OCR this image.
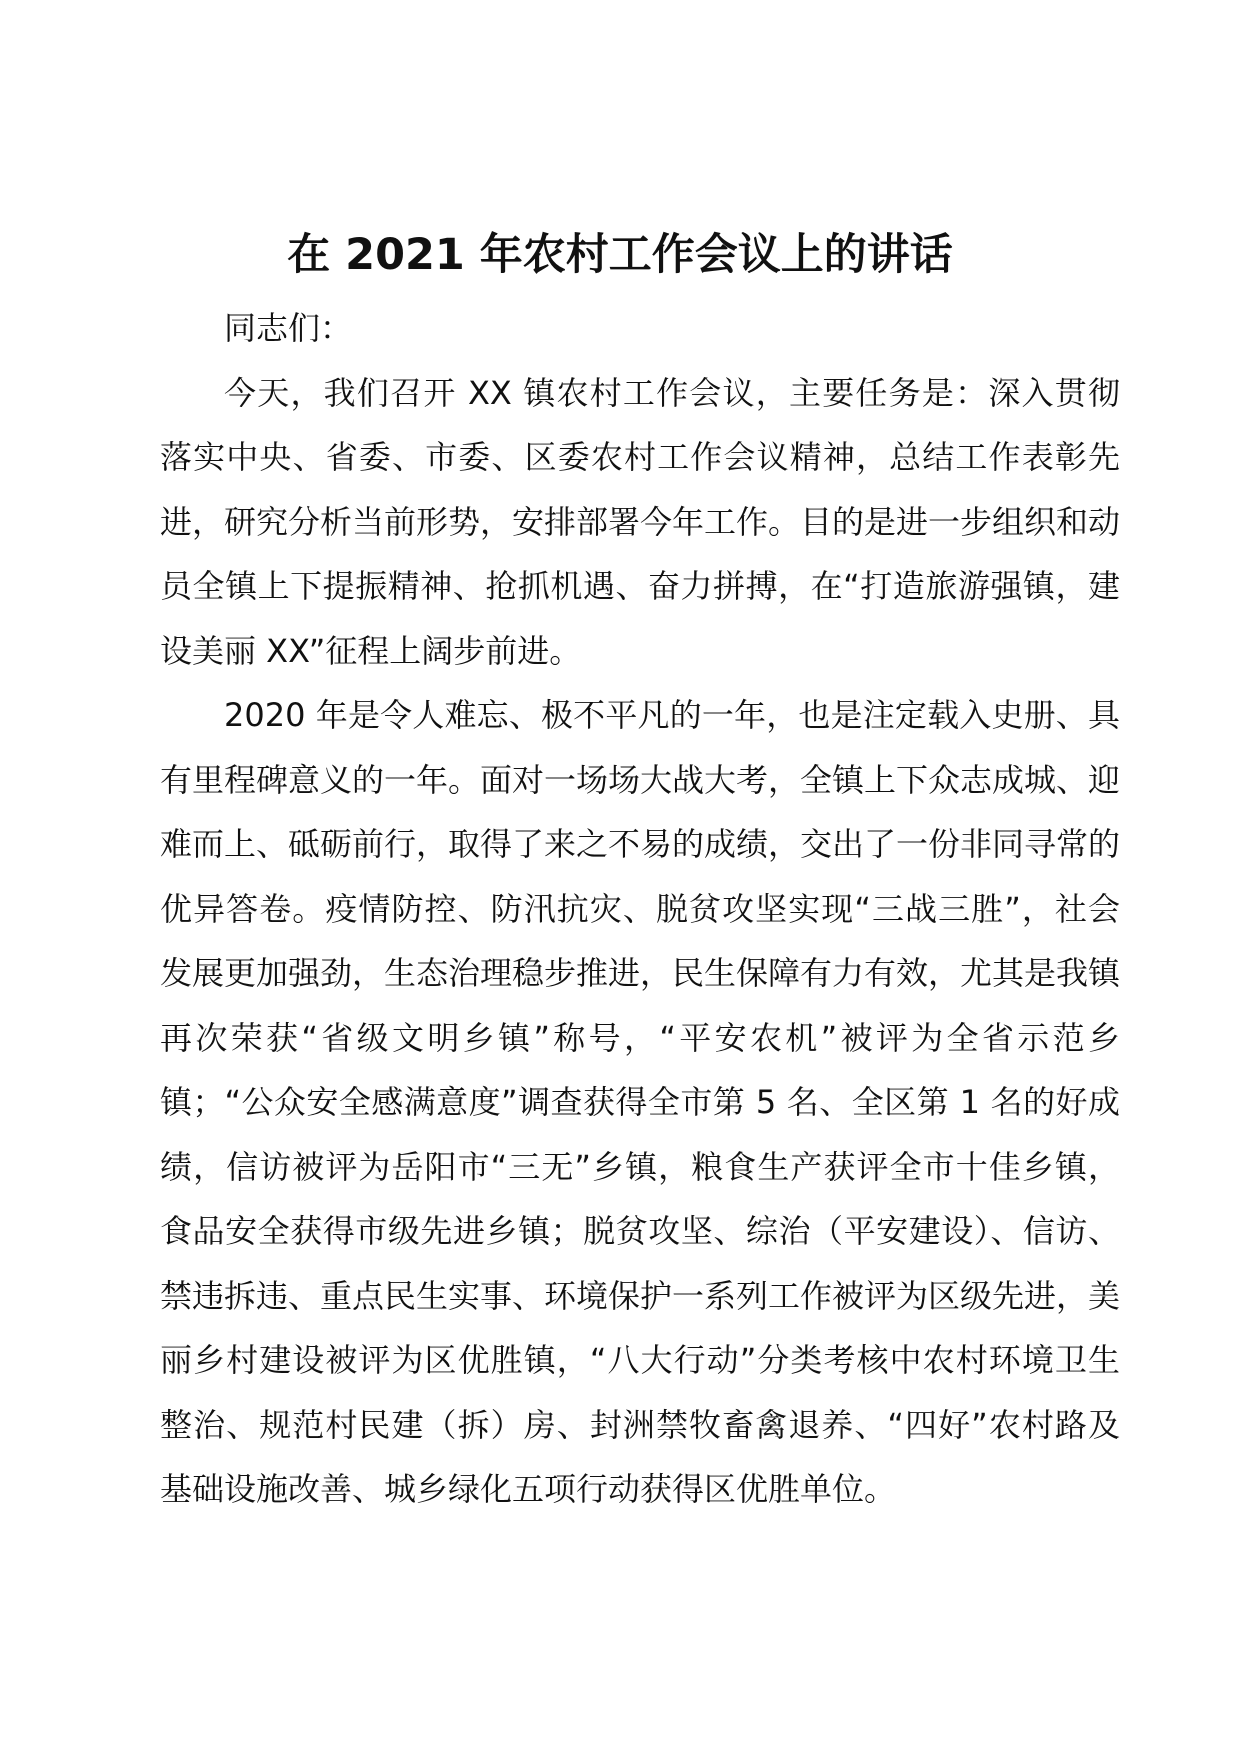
在 2021 年农村工作会议上的讲话

同志们：

今天，我们召开 XX 镇农村工作会议，主要任务是：深入贯彻落实中央、省委、市委、区委农村工作会议精神，总结工作表彰先进，研究分析当前形势，安排部署今年工作。目的是进一步组织和动员全镇上下提振精神、抢抓机遇、奋力拼搏，在“打造旅游强镇，建设美丽 XX”征程上阔步前进。

2020 年是令人难忘、极不平凡的一年，也是注定载入史册、具有里程碑意义的一年。面对一场场大战大考，全镇上下众志成城、迎难而上、砥砺前行，取得了来之不易的成绩，交出了一份非同寻常的优异答卷。疫情防控、防汛抗灾、脱贫攻坚实现“三战三胜”，社会发展更加强劲，生态治理稳步推进，民生保障有力有效，尤其是我镇再次荣获“省级文明乡镇”称号，“平安农机”被评为全省示范乡镇；“公众安全感满意度”调查获得全市第 5 名、全区第 1 名的好成绩，信访被评为岳阳市“三无”乡镇，粮食生产获评全市十佳乡镇，食品安全获得市级先进乡镇；脱贫攻坚、综治（平安建设）、信访、禁违拆违、重点民生实事、环境保护一系列工作被评为区级先进，美丽乡村建设被评为区优胜镇，“八大行动”分类考核中农村环境卫生整治、规范村民建（拆）房、封洲禁牧畜禽退养、“四好”农村路及基础设施改善、城乡绿化五项行动获得区优胜单位。
